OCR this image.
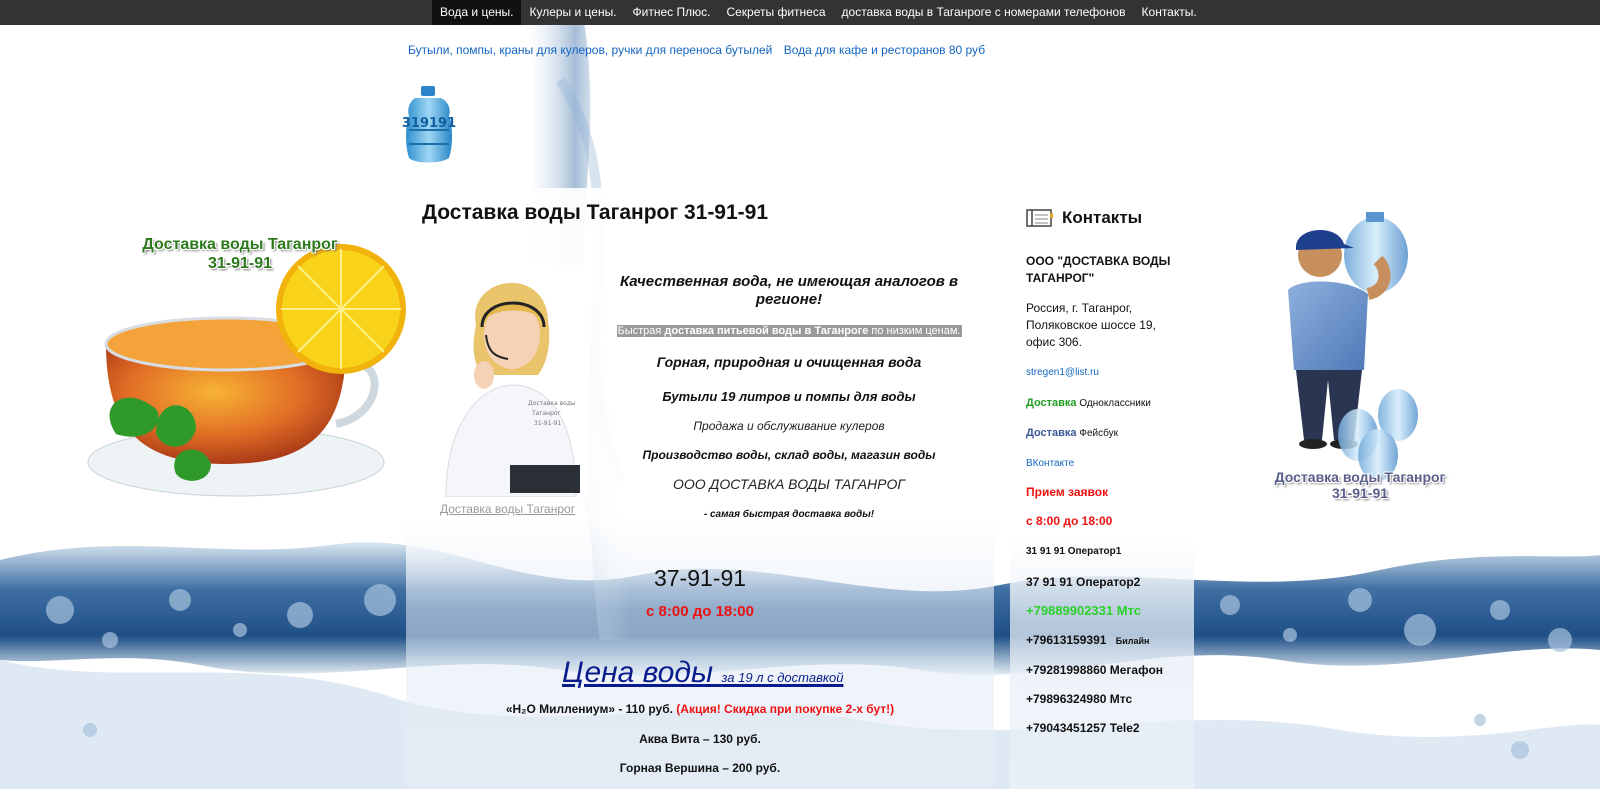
Вода и цены.	Кулеры и цены.	Фитнес Плюс.	Секреты фитнеса	доставка воды в Таганроге с номерами телефонов	Контакты.
Бутыли, помпы, краны для кулеров, ручки для переноса бутылей Вода для кафе и ресторанов 80 руб
319191
Доставка воды Таганрог
31-91-91
Доставка воды Таганрог
31-91-91
Доставка воды Таганрог 31-91-91
Доставка воды
Таганрог
31-91-91
Доставка воды Таганрог
Качественная вода, не имеющая аналогов в регионе!
Быстрая доставка питьевой воды в Таганроге по низким ценам.
Горная, природная и очищенная вода
Бутыли 19 литров и помпы для воды
Продажа и обслуживание кулеров
Производство воды, склад воды, магазин воды
ООО ДОСТАВКА ВОДЫ ТАГАНРОГ
- самая быстрая доставка воды!
37-91-91
с 8:00 до 18:00
Цена воды за 19 л с доставкой
«H₂O Миллениум» - 110 руб. (Акция! Скидка при покупке 2-х бут!)
Аква Вита – 130 руб.
Горная Вершина – 200 руб.
Контакты
ООО "ДОСТАВКА ВОДЫ ТАГАНРОГ"
Россия, г. Таганрог, Поляковское шоссе 19, офис 306.
stregen1@list.ru
Доставка Одноклассники
Доставка Фейсбук
ВКонтакте
Прием заявок
с 8:00 до 18:00
31 91 91 Оператор1
37 91 91 Оператор2
+79889902331 Мтс
+79613159391 Билайн
+79281998860 Мегафон
+79896324980 Мтс
+79043451257 Tele2
